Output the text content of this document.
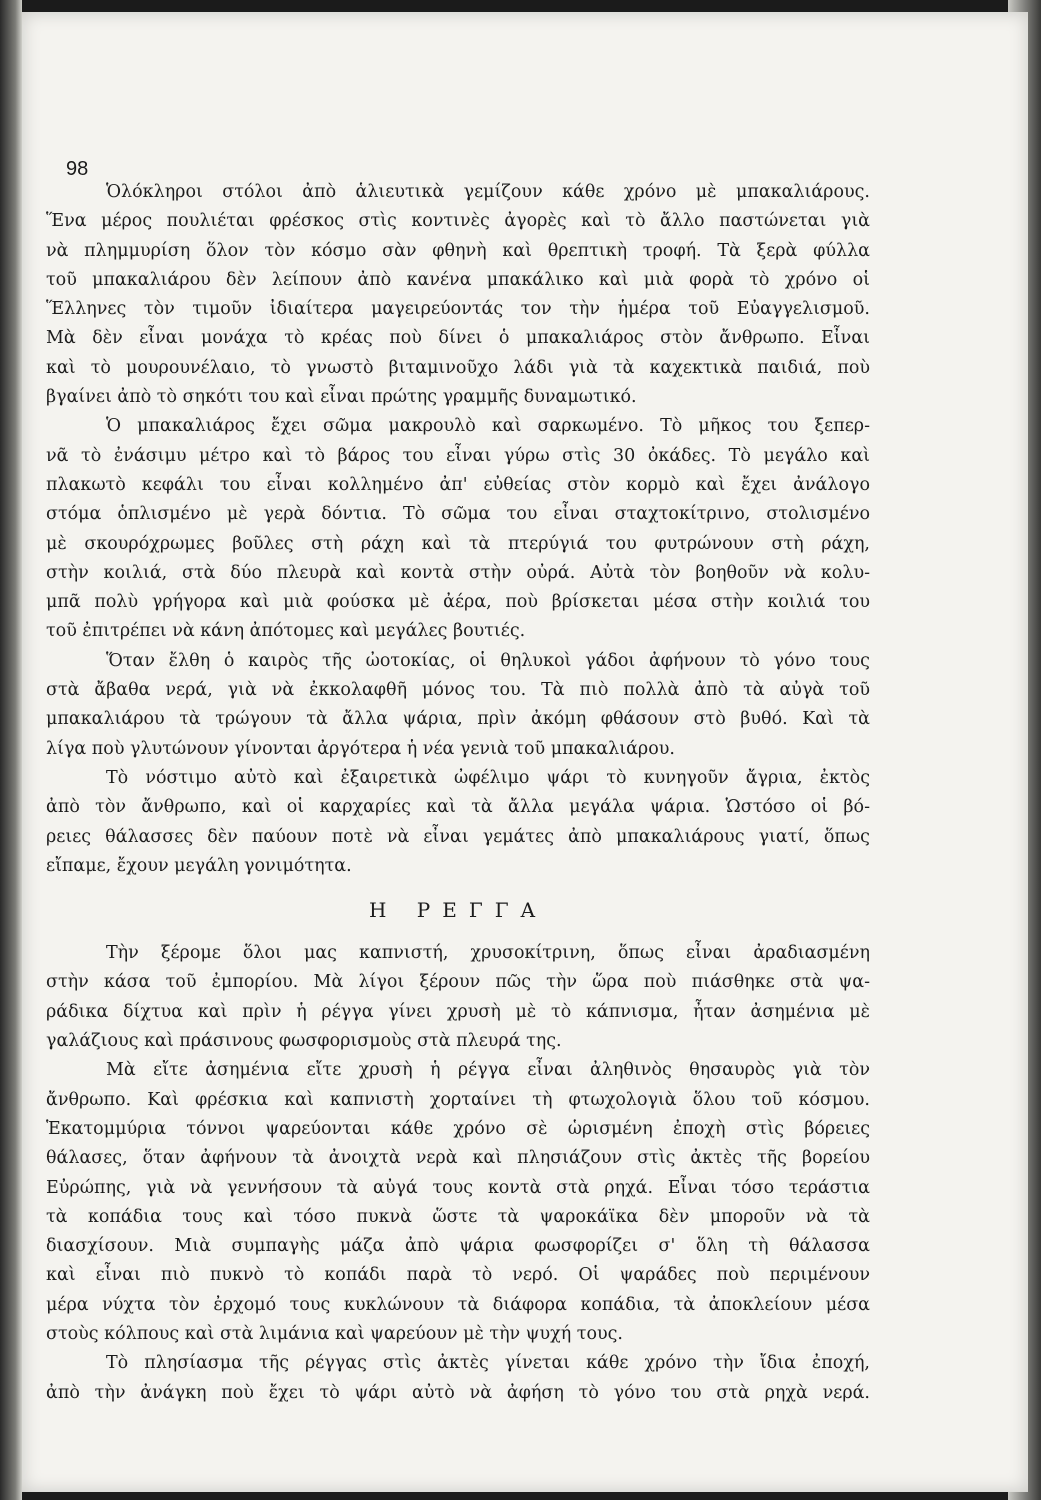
98
Ὁλόκληροι στόλοι ἀπὸ ἁλιευτικὰ γεμίζουν κάθε χρόνο μὲ μπακαλιάρους.
Ἕνα μέρος πουλιέται φρέσκος στὶς κοντινὲς ἀγορὲς καὶ τὸ ἄλλο παστώνεται γιὰ
νὰ πλημμυρίση ὅλον τὸν κόσμο σὰν φθηνὴ καὶ θρεπτικὴ τροφή. Τὰ ξερὰ φύλλα
τοῦ μπακαλιάρου δὲν λείπουν ἀπὸ κανένα μπακάλικο καὶ μιὰ φορὰ τὸ χρόνο οἱ
Ἕλληνες τὸν τιμοῦν ἰδιαίτερα μαγειρεύοντάς τον τὴν ἡμέρα τοῦ Εὐαγγελισμοῦ.
Μὰ δὲν εἶναι μονάχα τὸ κρέας ποὺ δίνει ὁ μπακαλιάρος στὸν ἄνθρωπο. Εἶναι
καὶ τὸ μουρουνέλαιο, τὸ γνωστὸ βιταμινοῦχο λάδι γιὰ τὰ καχεκτικὰ παιδιά, ποὺ
βγαίνει ἀπὸ τὸ σηκότι του καὶ εἶναι πρώτης γραμμῆς δυναμωτικό.
Ὁ μπακαλιάρος ἔχει σῶμα μακρουλὸ καὶ σαρκωμένο. Τὸ μῆκος του ξεπερ-
νᾶ τὸ ἐνάσιμυ μέτρο καὶ τὸ βάρος του εἶναι γύρω στὶς 30 ὀκάδες. Τὸ μεγάλο καὶ
πλακωτὸ κεφάλι του εἶναι κολλημένο ἀπ' εὐθείας στὸν κορμὸ καὶ ἔχει ἀνάλογο
στόμα ὁπλισμένο μὲ γερὰ δόντια. Τὸ σῶμα του εἶναι σταχτοκίτρινο, στολισμένο
μὲ σκουρόχρωμες βοῦλες στὴ ράχη καὶ τὰ πτερύγιά του φυτρώνουν στὴ ράχη,
στὴν κοιλιά, στὰ δύο πλευρὰ καὶ κοντὰ στὴν οὐρά. Αὐτὰ τὸν βοηθοῦν νὰ κολυ-
μπᾶ πολὺ γρήγορα καὶ μιὰ φούσκα μὲ ἀέρα, ποὺ βρίσκεται μέσα στὴν κοιλιά του
τοῦ ἐπιτρέπει νὰ κάνη ἀπότομες καὶ μεγάλες βουτιές.
Ὅταν ἔλθη ὁ καιρὸς τῆς ὠοτοκίας, οἱ θηλυκοὶ γάδοι ἀφήνουν τὸ γόνο τους
στὰ ἄβαθα νερά, γιὰ νὰ ἐκκολαφθῆ μόνος του. Τὰ πιὸ πολλὰ ἀπὸ τὰ αὐγὰ τοῦ
μπακαλιάρου τὰ τρώγουν τὰ ἄλλα ψάρια, πρὶν ἀκόμη φθάσουν στὸ βυθό. Καὶ τὰ
λίγα ποὺ γλυτώνουν γίνονται ἀργότερα ἡ νέα γενιὰ τοῦ μπακαλιάρου.
Τὸ νόστιμο αὐτὸ καὶ ἐξαιρετικὰ ὠφέλιμο ψάρι τὸ κυνηγοῦν ἄγρια, ἐκτὸς
ἀπὸ τὸν ἄνθρωπο, καὶ οἱ καρχαρίες καὶ τὰ ἄλλα μεγάλα ψάρια. Ὡστόσο οἱ βό-
ρειες θάλασσες δὲν παύουν ποτὲ νὰ εἶναι γεμάτες ἀπὸ μπακαλιάρους γιατί, ὅπως
εἴπαμε, ἔχουν μεγάλη γονιμότητα.
Η ΡΕΓΓΑ
Τὴν ξέρομε ὅλοι μας καπνιστή, χρυσοκίτρινη, ὅπως εἶναι ἀραδιασμένη
στὴν κάσα τοῦ ἐμπορίου. Μὰ λίγοι ξέρουν πῶς τὴν ὥρα ποὺ πιάσθηκε στὰ ψα-
ράδικα δίχτυα καὶ πρὶν ἡ ρέγγα γίνει χρυσὴ μὲ τὸ κάπνισμα, ἦταν ἀσημένια μὲ
γαλάζιους καὶ πράσινους φωσφορισμοὺς στὰ πλευρά της.
Μὰ εἴτε ἀσημένια εἴτε χρυσὴ ἡ ρέγγα εἶναι ἀληθινὸς θησαυρὸς γιὰ τὸν
ἄνθρωπο. Καὶ φρέσκια καὶ καπνιστὴ χορταίνει τὴ φτωχολογιὰ ὅλου τοῦ κόσμου.
Ἑκατομμύρια τόννοι ψαρεύονται κάθε χρόνο σὲ ὡρισμένη ἐποχὴ στὶς βόρειες
θάλασες, ὅταν ἀφήνουν τὰ ἀνοιχτὰ νερὰ καὶ πλησιάζουν στὶς ἀκτὲς τῆς βορείου
Εὐρώπης, γιὰ νὰ γεννήσουν τὰ αὐγά τους κοντὰ στὰ ρηχά. Εἶναι τόσο τεράστια
τὰ κοπάδια τους καὶ τόσο πυκνὰ ὥστε τὰ ψαροκάϊκα δὲν μποροῦν νὰ τὰ
διασχίσουν. Μιὰ συμπαγὴς μάζα ἀπὸ ψάρια φωσφορίζει σ' ὅλη τὴ θάλασσα
καὶ εἶναι πιὸ πυκνὸ τὸ κοπάδι παρὰ τὸ νερό. Οἱ ψαράδες ποὺ περιμένουν
μέρα νύχτα τὸν ἐρχομό τους κυκλώνουν τὰ διάφορα κοπάδια, τὰ ἀποκλείουν μέσα
στοὺς κόλπους καὶ στὰ λιμάνια καὶ ψαρεύουν μὲ τὴν ψυχή τους.
Τὸ πλησίασμα τῆς ρέγγας στὶς ἀκτὲς γίνεται κάθε χρόνο τὴν ἴδια ἐποχή,
ἀπὸ τὴν ἀνάγκη ποὺ ἔχει τὸ ψάρι αὐτὸ νὰ ἀφήση τὸ γόνο του στὰ ρηχὰ νερά.
